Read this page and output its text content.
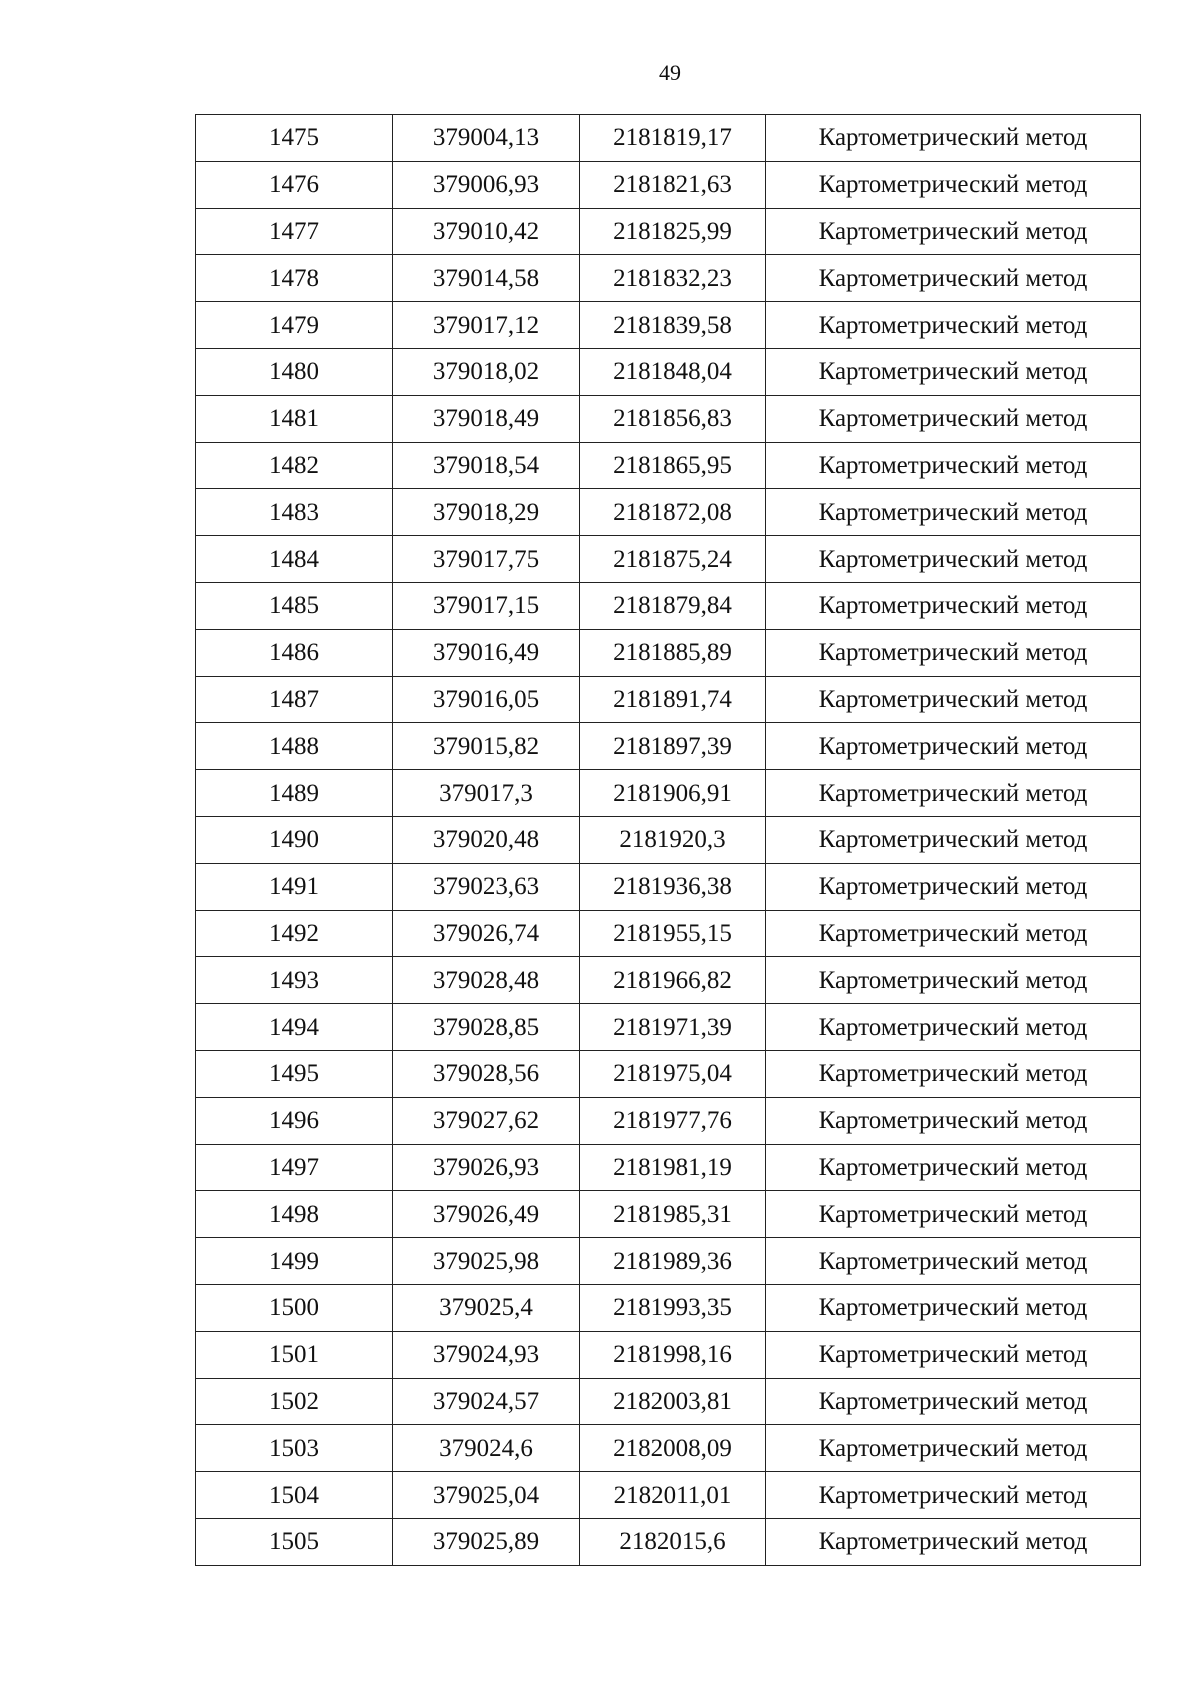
49
1475	379004,13	2181819,17	Картометрический метод
1476	379006,93	2181821,63	Картометрический метод
1477	379010,42	2181825,99	Картометрический метод
1478	379014,58	2181832,23	Картометрический метод
1479	379017,12	2181839,58	Картометрический метод
1480	379018,02	2181848,04	Картометрический метод
1481	379018,49	2181856,83	Картометрический метод
1482	379018,54	2181865,95	Картометрический метод
1483	379018,29	2181872,08	Картометрический метод
1484	379017,75	2181875,24	Картометрический метод
1485	379017,15	2181879,84	Картометрический метод
1486	379016,49	2181885,89	Картометрический метод
1487	379016,05	2181891,74	Картометрический метод
1488	379015,82	2181897,39	Картометрический метод
1489	379017,3	2181906,91	Картометрический метод
1490	379020,48	2181920,3	Картометрический метод
1491	379023,63	2181936,38	Картометрический метод
1492	379026,74	2181955,15	Картометрический метод
1493	379028,48	2181966,82	Картометрический метод
1494	379028,85	2181971,39	Картометрический метод
1495	379028,56	2181975,04	Картометрический метод
1496	379027,62	2181977,76	Картометрический метод
1497	379026,93	2181981,19	Картометрический метод
1498	379026,49	2181985,31	Картометрический метод
1499	379025,98	2181989,36	Картометрический метод
1500	379025,4	2181993,35	Картометрический метод
1501	379024,93	2181998,16	Картометрический метод
1502	379024,57	2182003,81	Картометрический метод
1503	379024,6	2182008,09	Картометрический метод
1504	379025,04	2182011,01	Картометрический метод
1505	379025,89	2182015,6	Картометрический метод
